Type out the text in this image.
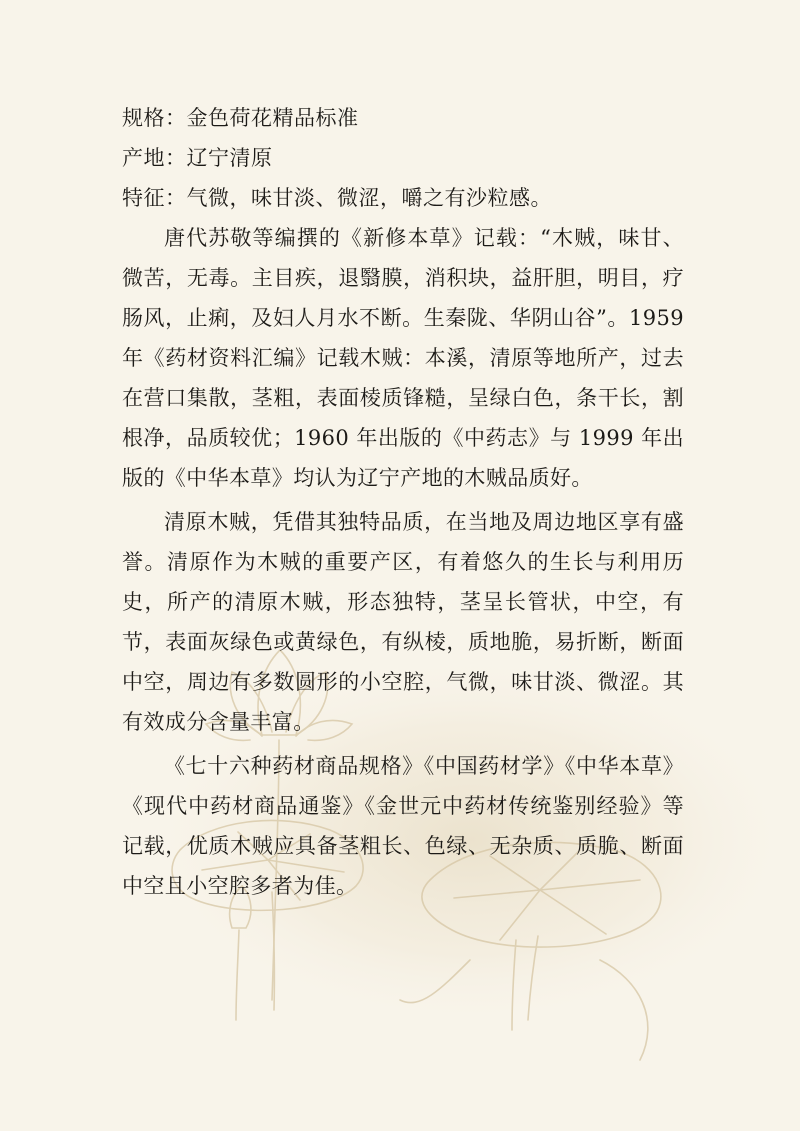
规格：金色荷花精品标准
产地：辽宁清原
特征：气微，味甘淡、微涩，嚼之有沙粒感。

唐代苏敬等编撰的《新修本草》记载：“木贼，味甘、微苦，无毒。主目疾，退翳膜，消积块，益肝胆，明目，疗肠风，止痢，及妇人月水不断。生秦陇、华阴山谷”。1959 年《药材资料汇编》记载木贼：本溪，清原等地所产，过去在营口集散，茎粗，表面棱质锋糙，呈绿白色，条干长，割根净，品质较优；1960 年出版的《中药志》与 1999 年出版的《中华本草》均认为辽宁产地的木贼品质好。

清原木贼，凭借其独特品质，在当地及周边地区享有盛誉。清原作为木贼的重要产区，有着悠久的生长与利用历史，所产的清原木贼，形态独特，茎呈长管状，中空，有节，表面灰绿色或黄绿色，有纵棱，质地脆，易折断，断面中空，周边有多数圆形的小空腔，气微，味甘淡、微涩。其有效成分含量丰富。

《七十六种药材商品规格》《中国药材学》《中华本草》《现代中药材商品通鉴》《金世元中药材传统鉴别经验》等记载，优质木贼应具备茎粗长、色绿、无杂质、质脆、断面中空且小空腔多者为佳。
